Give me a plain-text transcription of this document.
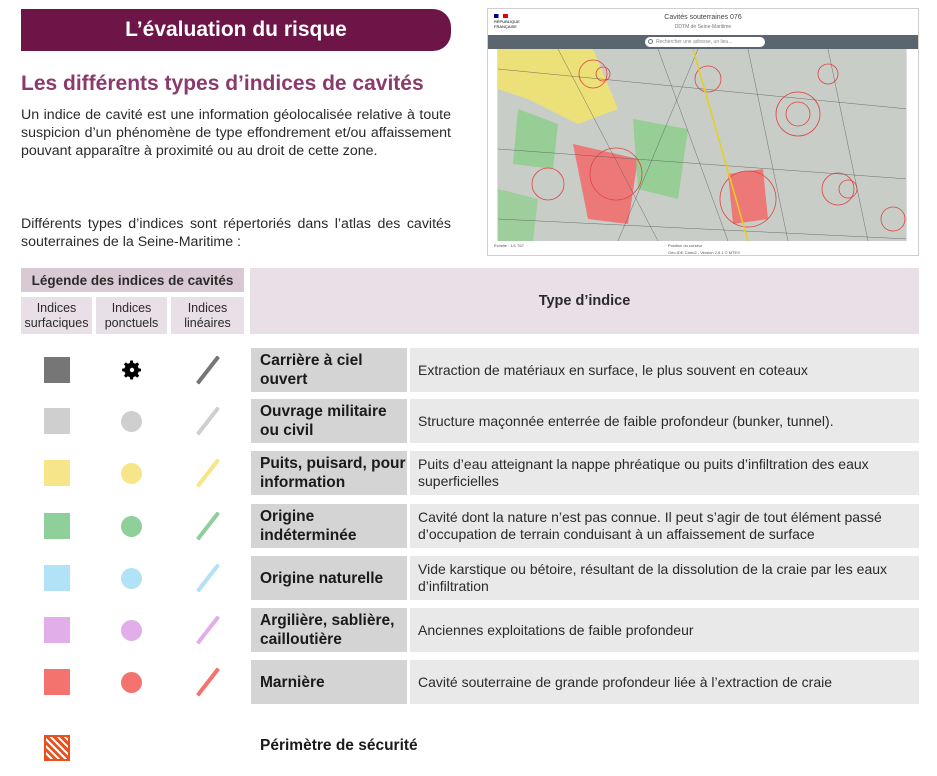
L’évaluation du risque
Les différents types d’indices de cavités
Un indice de cavité est une information géolocalisée relative à toute suspicion d’un phénomène de type effondrement et/ou affaissement pouvant apparaître à proximité ou au droit de cette zone.
Différents types d’indices sont répertoriés dans l’atlas des cavités souterraines de la Seine-Maritime :
RÉPUBLIQUE FRANÇAISE
Cavités souterraines 076
DDTM de Seine-Maritime
Rechercher une adresse, un lieu...
Échelle : 1/1 767	Position du curseur
Géo-IDE Carto2 - Version 2.5.1 © MTES
Légende des indices de cavités
Indices surfaciques
Indices ponctuels
Indices linéaires
Type d’indice
Carrière à ciel ouvert
Extraction de matériaux en surface, le plus souvent en coteaux
Ouvrage militaire ou civil
Structure maçonnée enterrée de faible profondeur (bunker, tunnel).
Puits, puisard, pour information
Puits d’eau atteignant la nappe phréatique ou puits d’infiltration des eaux superficielles
Origine indéterminée
Cavité dont la nature n’est pas connue. Il peut s’agir de tout élément passé d’occupation de terrain conduisant à un affaissement de surface
Origine naturelle
Vide karstique ou bétoire, résultant de la dissolution de la craie par les eaux d’infiltration
Argilière, sablière, cailloutière
Anciennes exploitations de faible profondeur
Marnière	Cavité souterraine de grande profondeur liée à l’extraction de craie
Périmètre de sécurité
